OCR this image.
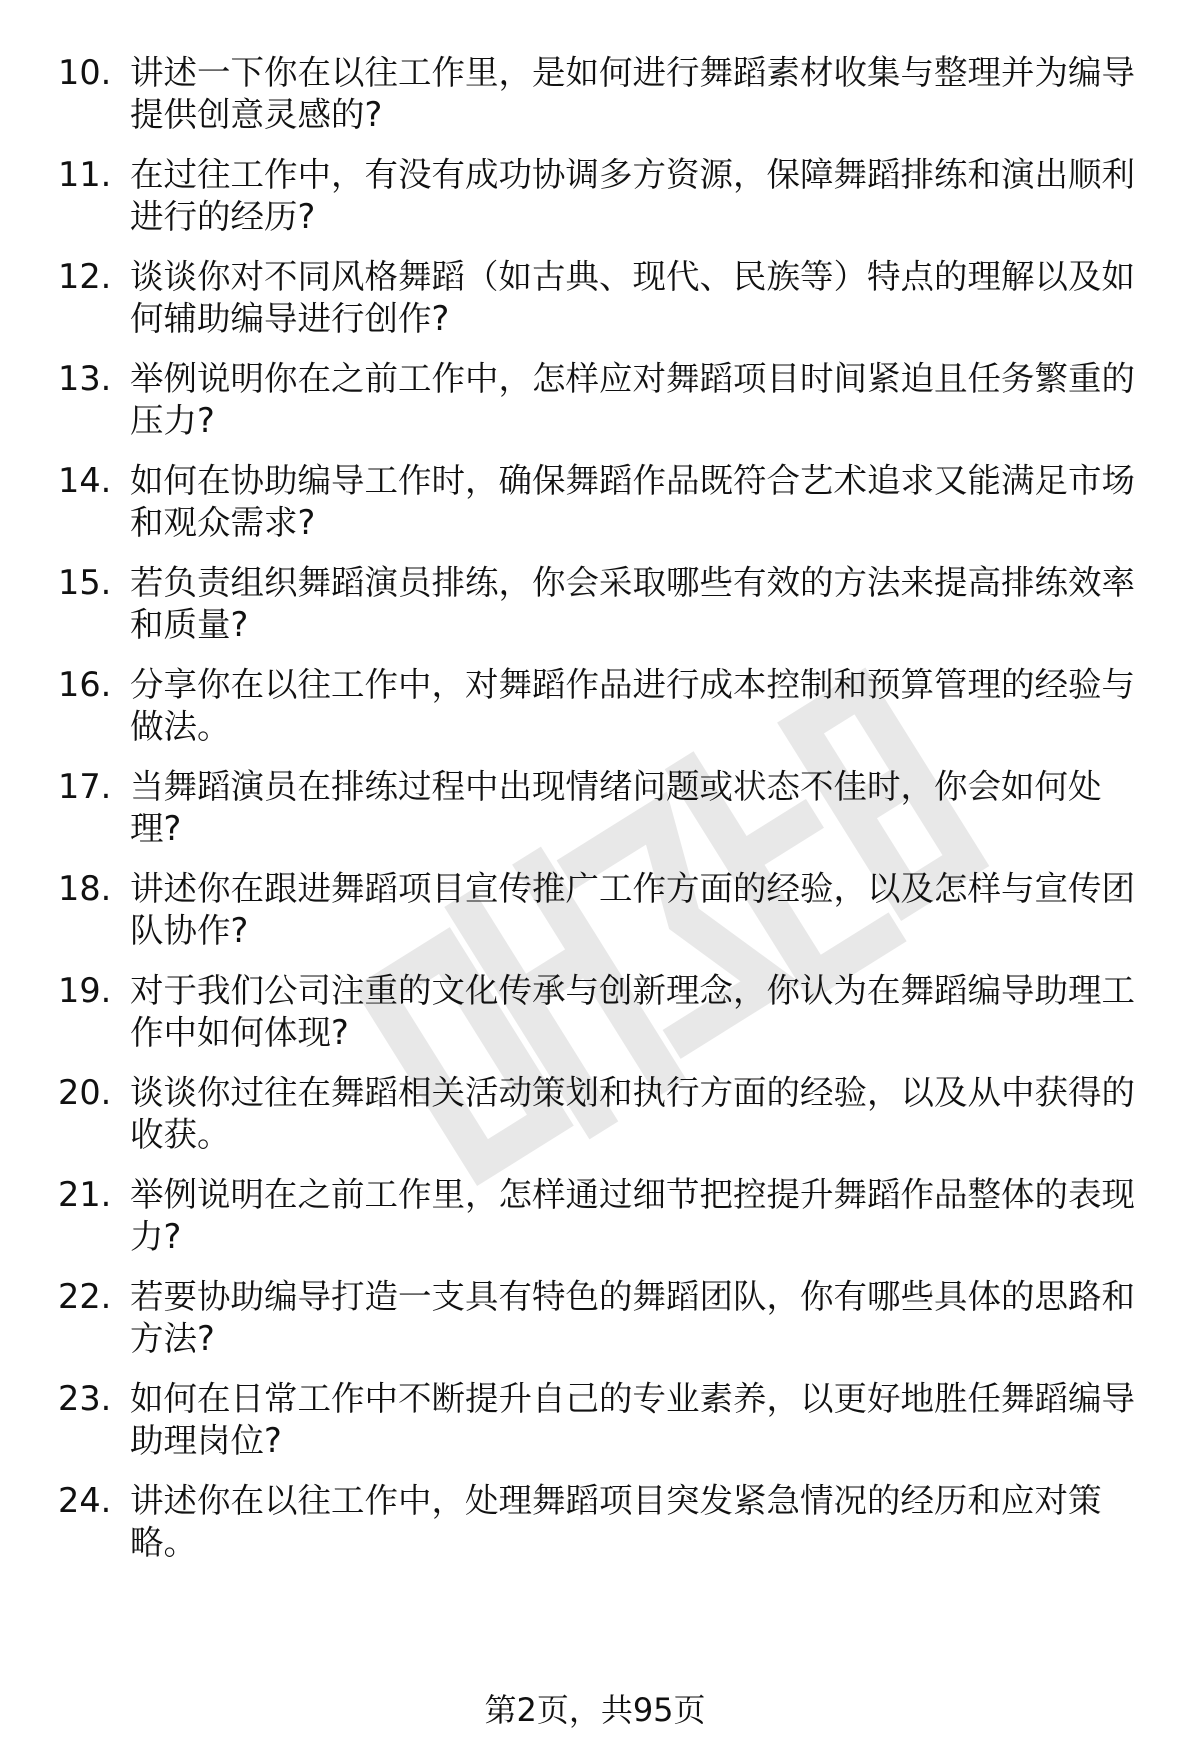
10. 讲述一下你在以往工作里，是如何进行舞蹈素材收集与整理并为编导提供创意灵感的?
11. 在过往工作中，有没有成功协调多方资源，保障舞蹈排练和演出顺利进行的经历?
12. 谈谈你对不同风格舞蹈（如古典、现代、民族等）特点的理解以及如何辅助编导进行创作?
13. 举例说明你在之前工作中，怎样应对舞蹈项目时间紧迫且任务繁重的压力?
14. 如何在协助编导工作时，确保舞蹈作品既符合艺术追求又能满足市场和观众需求?
15. 若负责组织舞蹈演员排练，你会采取哪些有效的方法来提高排练效率和质量?
16. 分享你在以往工作中，对舞蹈作品进行成本控制和预算管理的经验与做法。
17. 当舞蹈演员在排练过程中出现情绪问题或状态不佳时，你会如何处理?
18. 讲述你在跟进舞蹈项目宣传推广工作方面的经验，以及怎样与宣传团队协作?
19. 对于我们公司注重的文化传承与创新理念，你认为在舞蹈编导助理工作中如何体现?
20. 谈谈你过往在舞蹈相关活动策划和执行方面的经验，以及从中获得的收获。
21. 举例说明在之前工作里，怎样通过细节把控提升舞蹈作品整体的表现力?
22. 若要协助编导打造一支具有特色的舞蹈团队，你有哪些具体的思路和方法?
23. 如何在日常工作中不断提升自己的专业素养，以更好地胜任舞蹈编导助理岗位?
24. 讲述你在以往工作中，处理舞蹈项目突发紧急情况的经历和应对策略。
第2页，共95页
